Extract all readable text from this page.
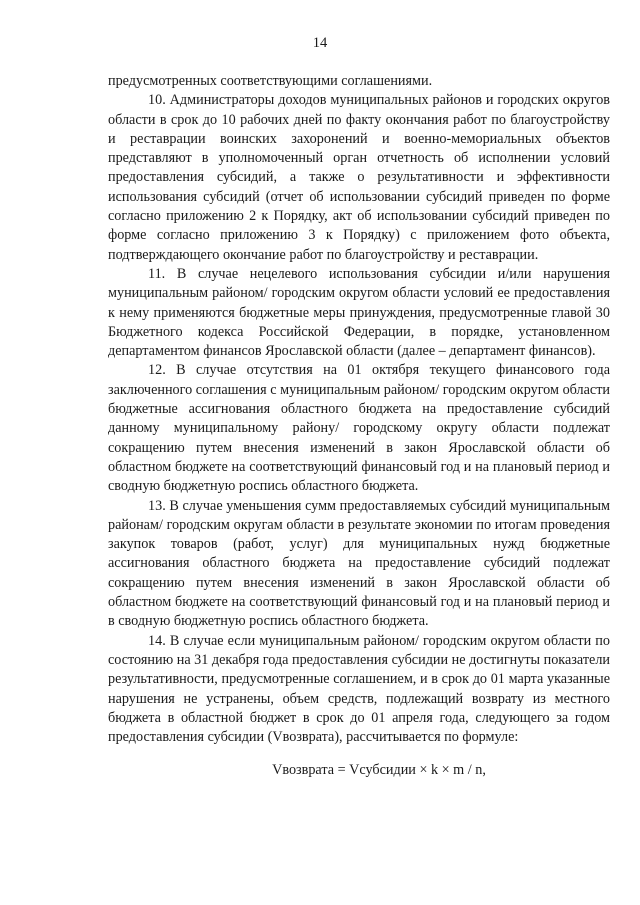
14

предусмотренных соответствующими соглашениями.

10. Администраторы доходов муниципальных районов и городских округов области в срок до 10 рабочих дней по факту окончания работ по благоустройству и реставрации воинских захоронений и военно-мемориальных объектов представляют в уполномоченный орган отчетность об исполнении условий предоставления субсидий, а также о результативности и эффективности использования субсидий (отчет об использовании субсидий приведен по форме согласно приложению 2 к Порядку, акт об использовании субсидий приведен по форме согласно приложению 3 к Порядку) с приложением фото объекта, подтверждающего окончание работ по благоустройству и реставрации.

11. В случае нецелевого использования субсидии и/или нарушения муниципальным районом/ городским округом области условий ее предоставления к нему применяются бюджетные меры принуждения, предусмотренные главой 30 Бюджетного кодекса Российской Федерации, в порядке, установленном департаментом финансов Ярославской области (далее – департамент финансов).

12. В случае отсутствия на 01 октября текущего финансового года заключенного соглашения с муниципальным районом/ городским округом области бюджетные ассигнования областного бюджета на предоставление субсидий данному муниципальному району/ городскому округу области подлежат сокращению путем внесения изменений в закон Ярославской области об областном бюджете на соответствующий финансовый год и на плановый период и сводную бюджетную роспись областного бюджета.

13. В случае уменьшения сумм предоставляемых субсидий муниципальным районам/ городским округам области в результате экономии по итогам проведения закупок товаров (работ, услуг) для муниципальных нужд бюджетные ассигнования областного бюджета на предоставление субсидий подлежат сокращению путем внесения изменений в закон Ярославской области об областном бюджете на соответствующий финансовый год и на плановый период и в сводную бюджетную роспись областного бюджета.

14. В случае если муниципальным районом/ городским округом области по состоянию на 31 декабря года предоставления субсидии не достигнуты показатели результативности, предусмотренные соглашением, и в срок до 01 марта указанные нарушения не устранены, объем средств, подлежащий возврату из местного бюджета в областной бюджет в срок до 01 апреля года, следующего за годом предоставления субсидии (Vвозврата), рассчитывается по формуле:

Vвозврата = Vсубсидии × k × m / n,
